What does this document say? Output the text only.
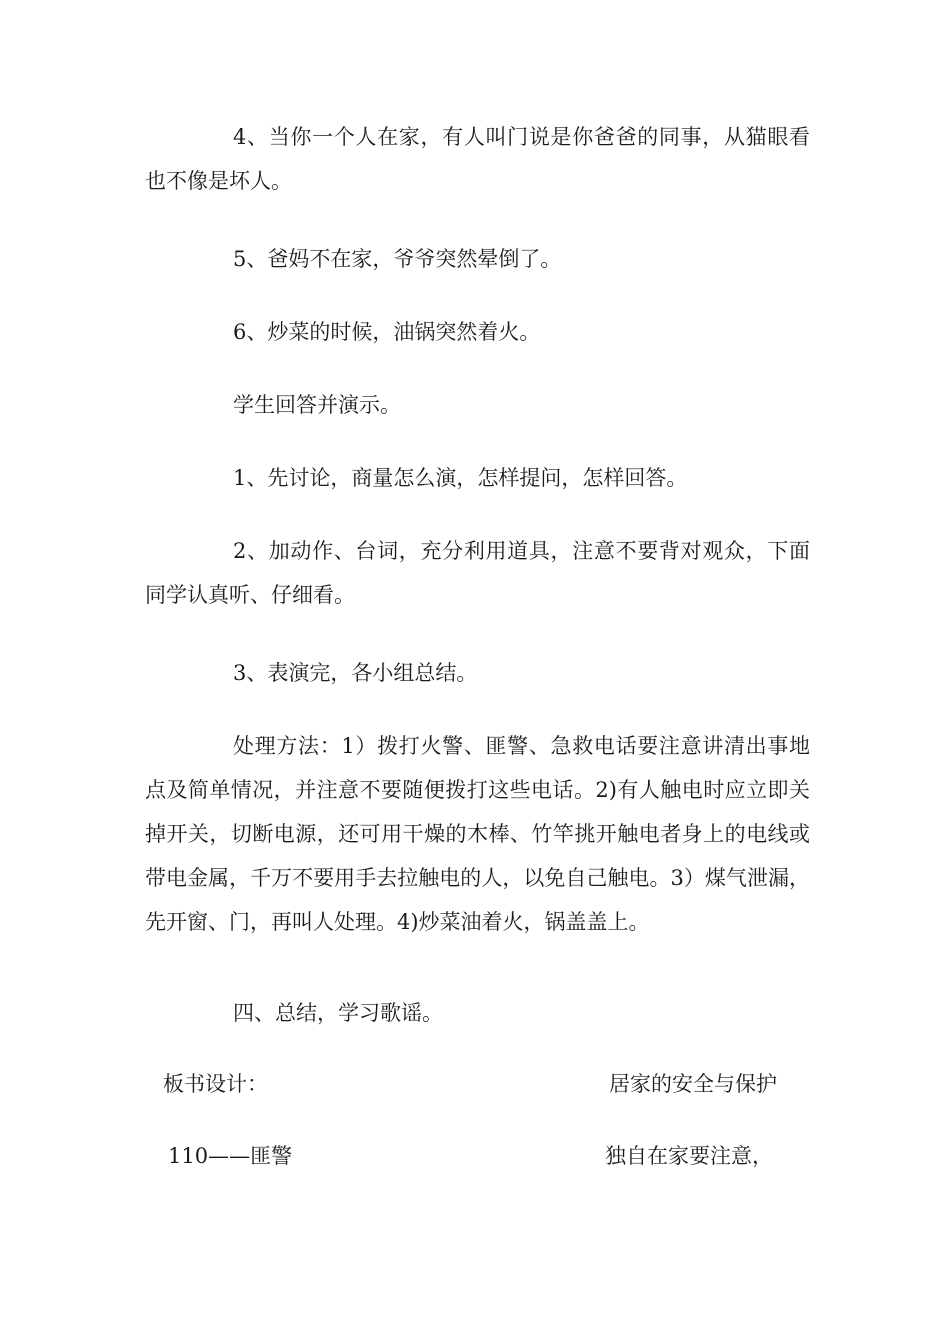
4、当你一个人在家，有人叫门说是你爸爸的同事，从猫眼看也不像是坏人。

5、爸妈不在家，爷爷突然晕倒了。

6、炒菜的时候，油锅突然着火。

学生回答并演示。

1、先讨论，商量怎么演，怎样提问，怎样回答。

2、加动作、台词，充分利用道具，注意不要背对观众，下面同学认真听、仔细看。

3、表演完，各小组总结。

处理方法：1）拨打火警、匪警、急救电话要注意讲清出事地点及简单情况，并注意不要随便拨打这些电话。2)有人触电时应立即关掉开关，切断电源，还可用干燥的木棒、竹竿挑开触电者身上的电线或带电金属，千万不要用手去拉触电的人，以免自己触电。3）煤气泄漏，先开窗、门，再叫人处理。4)炒菜油着火，锅盖盖上。

四、总结，学习歌谣。

板书设计：	居家的安全与保护
110——匪警	独自在家要注意，
